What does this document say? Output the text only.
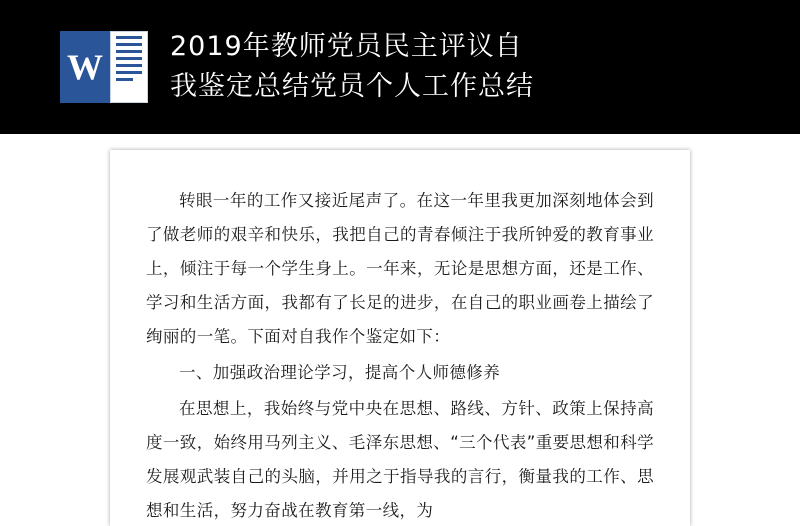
W
2019年教师党员民主评议自
我鉴定总结党员个人工作总结

转眼一年的工作又接近尾声了。在这一年里我更加深刻地体会到了做老师的艰辛和快乐，我把自己的青春倾注于我所钟爱的教育事业上，倾注于每一个学生身上。一年来，无论是思想方面，还是工作、学习和生活方面，我都有了长足的进步，在自己的职业画卷上描绘了绚丽的一笔。下面对自我作个鉴定如下：

一、加强政治理论学习，提高个人师德修养

在思想上，我始终与党中央在思想、路线、方针、政策上保持高度一致，始终用马列主义、毛泽东思想、“三个代表”重要思想和科学发展观武装自己的头脑，并用之于指导我的言行，衡量我的工作、思想和生活，努力奋战在教育第一线，为
